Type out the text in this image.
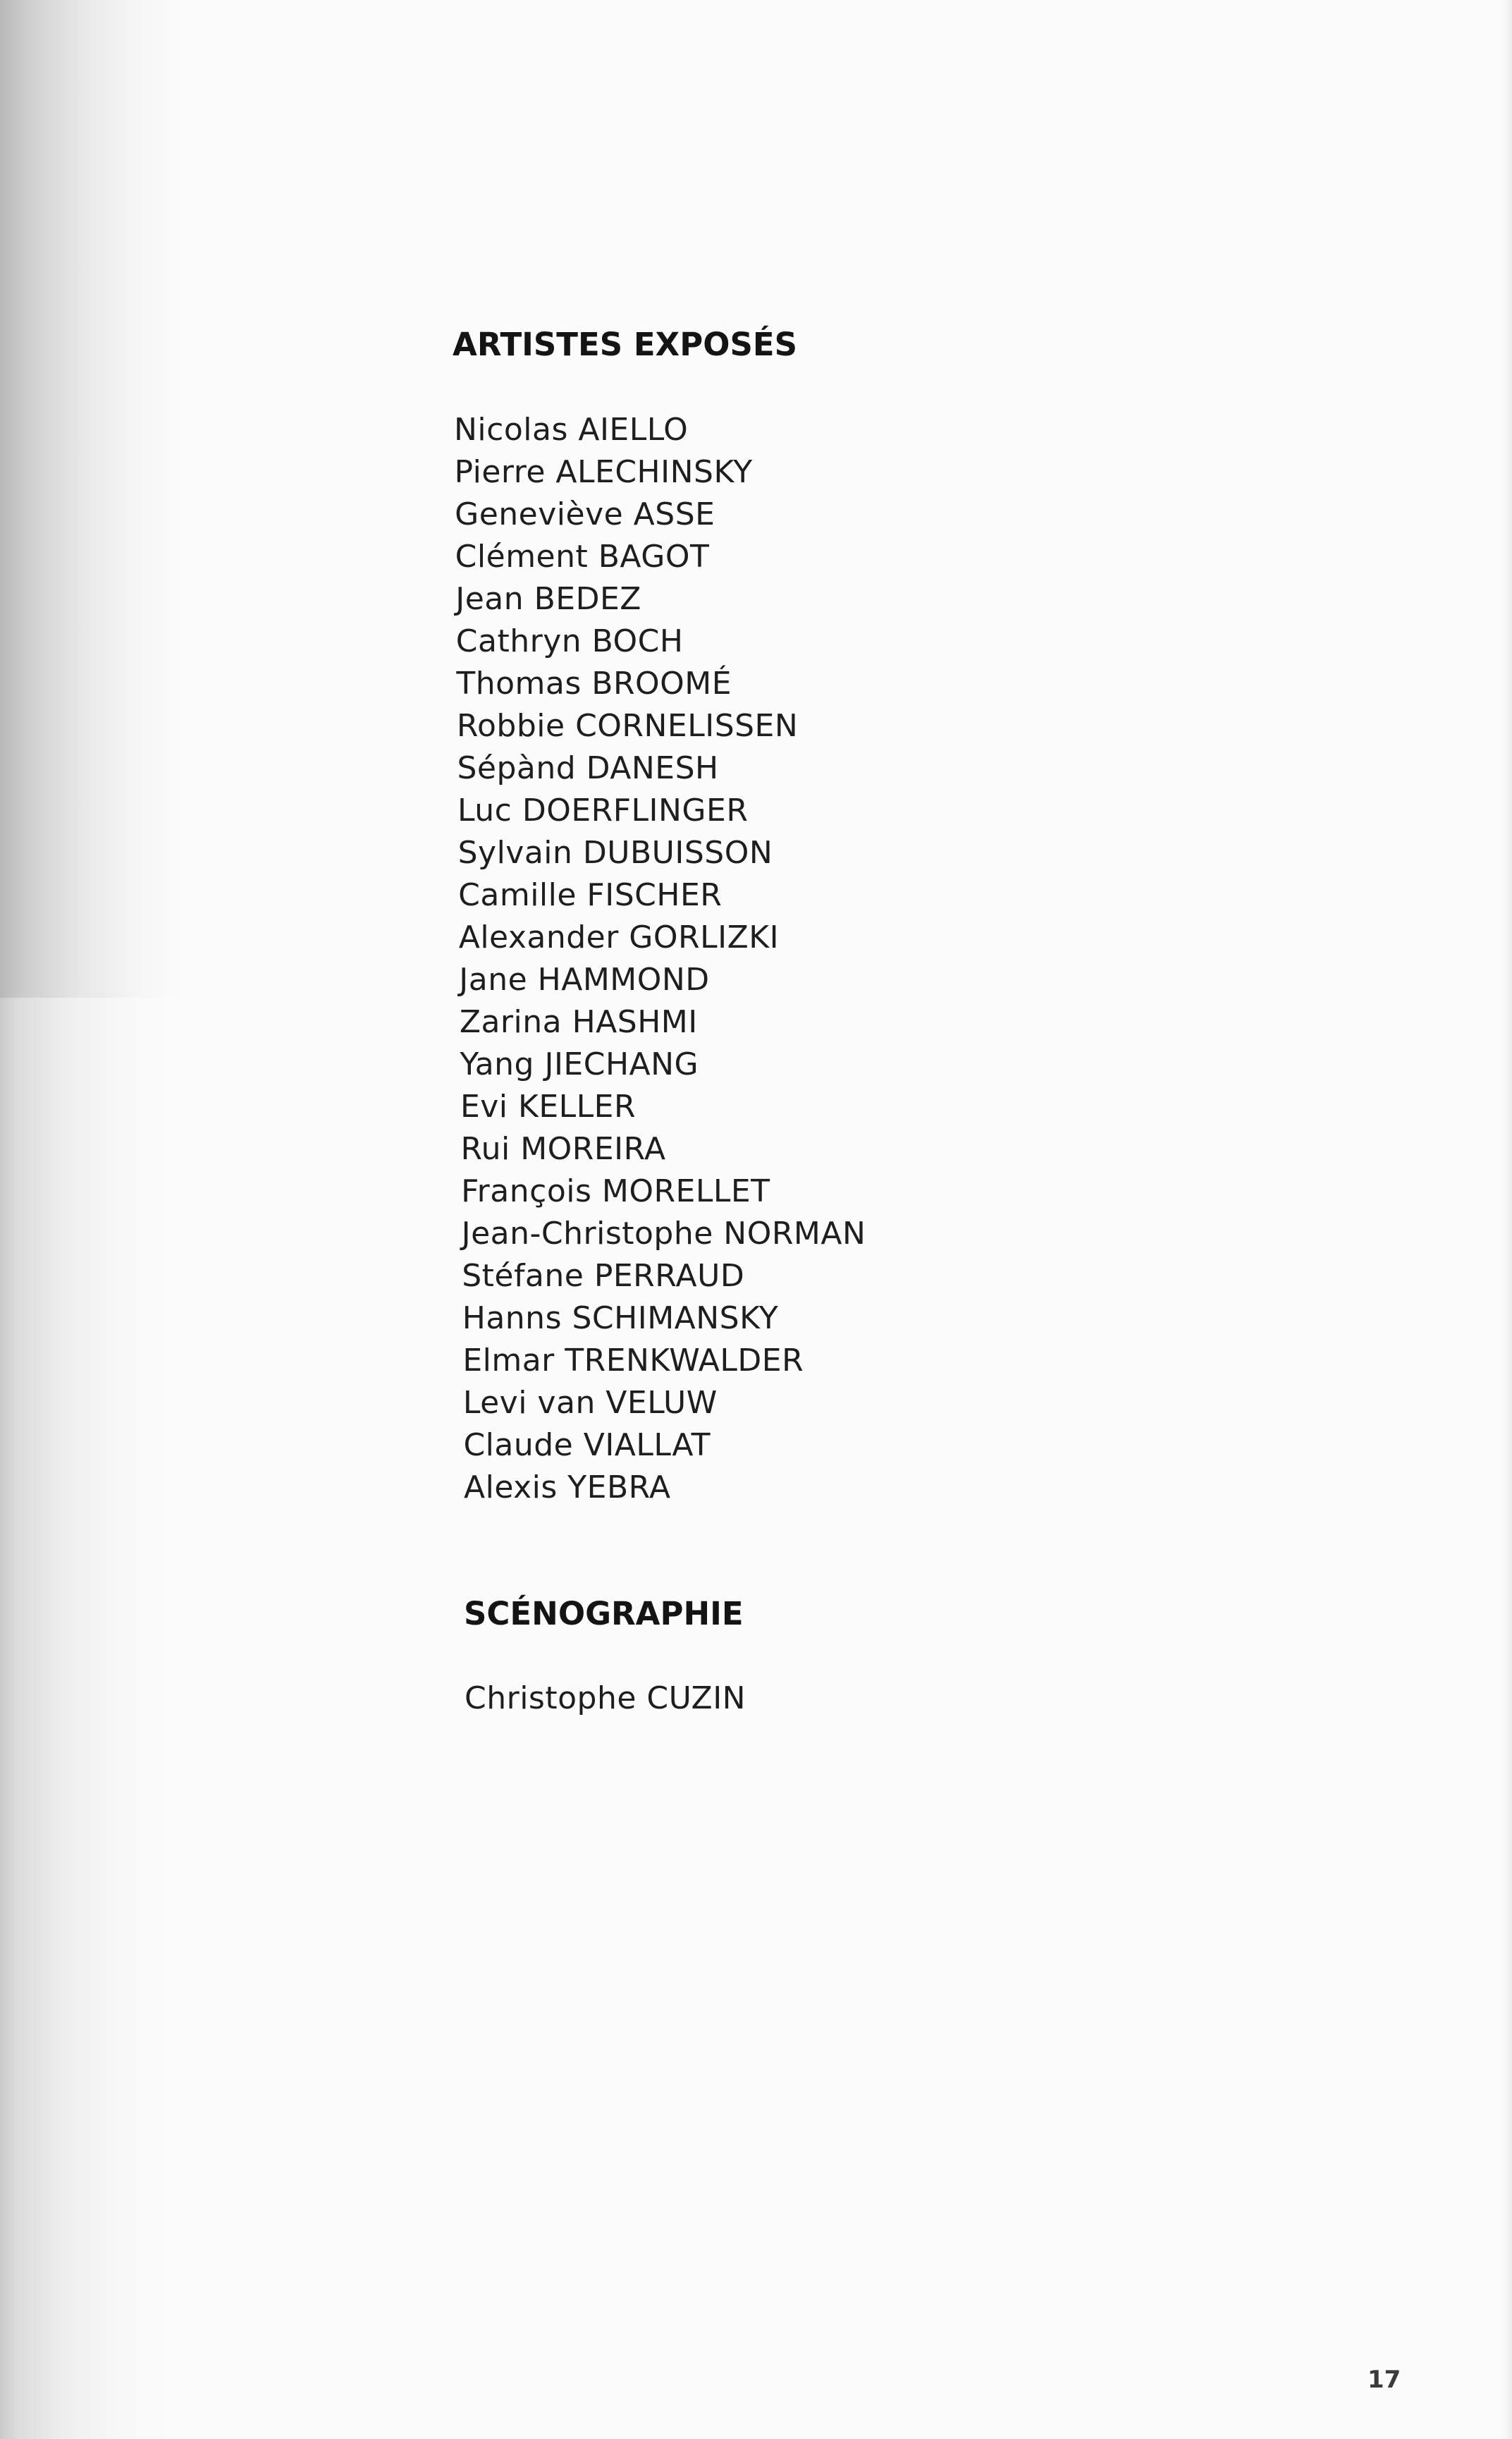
ARTISTES EXPOSÉS
Nicolas AIELLO
Pierre ALECHINSKY
Geneviève ASSE
Clément BAGOT
Jean BEDEZ
Cathryn BOCH
Thomas BROOMÉ
Robbie CORNELISSEN
Sépànd DANESH
Luc DOERFLINGER
Sylvain DUBUISSON
Camille FISCHER
Alexander GORLIZKI
Jane HAMMOND
Zarina HASHMI
Yang JIECHANG
Evi KELLER
Rui MOREIRA
François MORELLET
Jean-Christophe NORMAN
Stéfane PERRAUD
Hanns SCHIMANSKY
Elmar TRENKWALDER
Levi van VELUW
Claude VIALLAT
Alexis YEBRA
SCÉNOGRAPHIE
Christophe CUZIN
17
